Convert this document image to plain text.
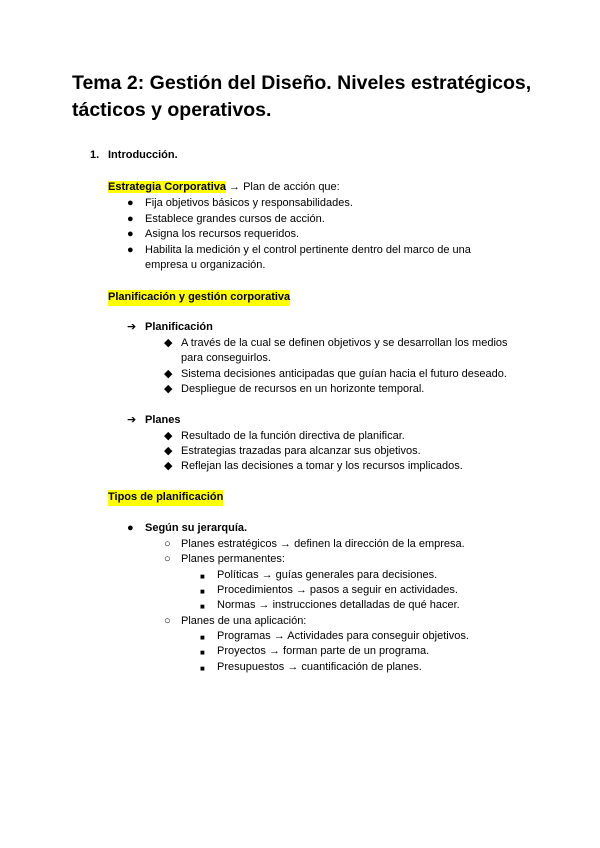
Tema 2: Gestión del Diseño. Niveles estratégicos, tácticos y operativos.
1. Introducción.
Estrategia Corporativa → Plan de acción que:
● Fija objetivos básicos y responsabilidades.
● Establece grandes cursos de acción.
● Asigna los recursos requeridos.
● Habilita la medición y el control pertinente dentro del marco de una
empresa u organización.
Planificación y gestión corporativa
➔ Planificación
◆ A través de la cual se definen objetivos y se desarrollan los medios
para conseguirlos.
◆ Sistema decisiones anticipadas que guían hacia el futuro deseado.
◆ Despliegue de recursos en un horizonte temporal.
➔ Planes
◆ Resultado de la función directiva de planificar.
◆ Estrategias trazadas para alcanzar sus objetivos.
◆ Reflejan las decisiones a tomar y los recursos implicados.
Tipos de planificación
● Según su jerarquía.
○ Planes estratégicos → definen la dirección de la empresa.
○ Planes permanentes:
■ Políticas → guías generales para decisiones.
■ Procedimientos → pasos a seguir en actividades.
■ Normas → instrucciones detalladas de qué hacer.
○ Planes de una aplicación:
■ Programas → Actividades para conseguir objetivos.
■ Proyectos → forman parte de un programa.
■ Presupuestos → cuantificación de planes.
